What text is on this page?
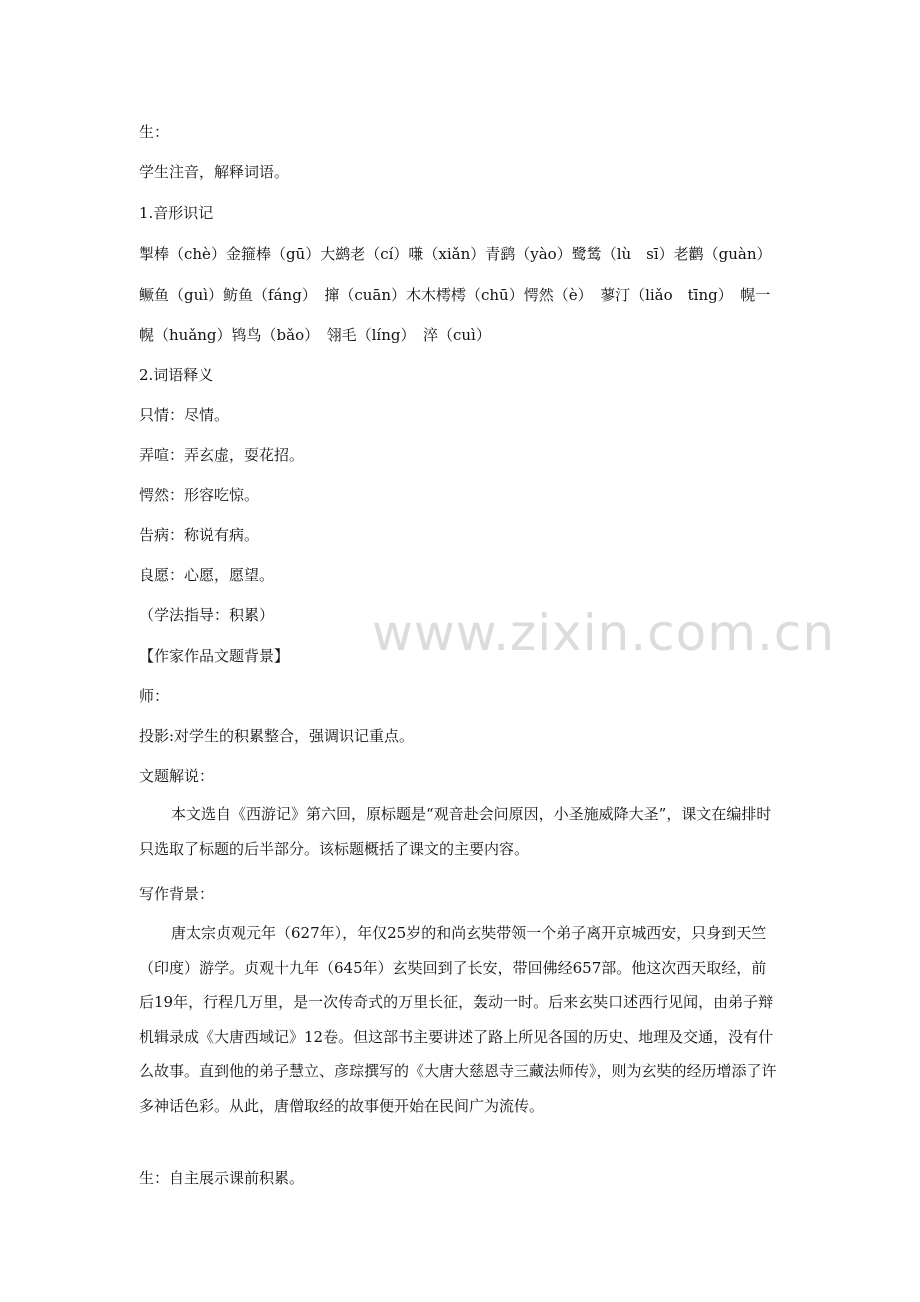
生：
学生注音，解释词语。
1.音形识记

掣棒（chè）金箍棒（gū）大鹚老（cí）嗛（xiǎn）青鹞（yào）鹭鸶（lù　sī）老鹳（guàn）鳜鱼（guì）鲂鱼（fáng）　撺（cuān）木木樗樗（chū）愕然（è）　蓼汀（liǎo　tīng）　幌一幌（huǎng）鸨鸟（bǎo）　翎毛（líng）　淬（cuì）

2.词语释义
只情：尽情。
弄喧：弄玄虚，耍花招。
愕然：形容吃惊。
告病：称说有病。
良愿：心愿，愿望。
（学法指导：积累）
【作家作品文题背景】
师：
投影:对学生的积累整合，强调识记重点。
文题解说：

本文选自《西游记》第六回，原标题是“观音赴会问原因，小圣施威降大圣”，课文在编排时只选取了标题的后半部分。该标题概括了课文的主要内容。

写作背景：

唐太宗贞观元年（627年），年仅25岁的和尚玄奘带领一个弟子离开京城西安，只身到天竺（印度）游学。贞观十九年（645年）玄奘回到了长安，带回佛经657部。他这次西天取经，前后19年，行程几万里，是一次传奇式的万里长征，轰动一时。后来玄奘口述西行见闻，由弟子辩机辑录成《大唐西域记》12卷。但这部书主要讲述了路上所见各国的历史、地理及交通，没有什么故事。直到他的弟子慧立、彦琮撰写的《大唐大慈恩寺三藏法师传》，则为玄奘的经历增添了许多神话色彩。从此，唐僧取经的故事便开始在民间广为流传。

生：自主展示课前积累。
www.zixin.com.cn
